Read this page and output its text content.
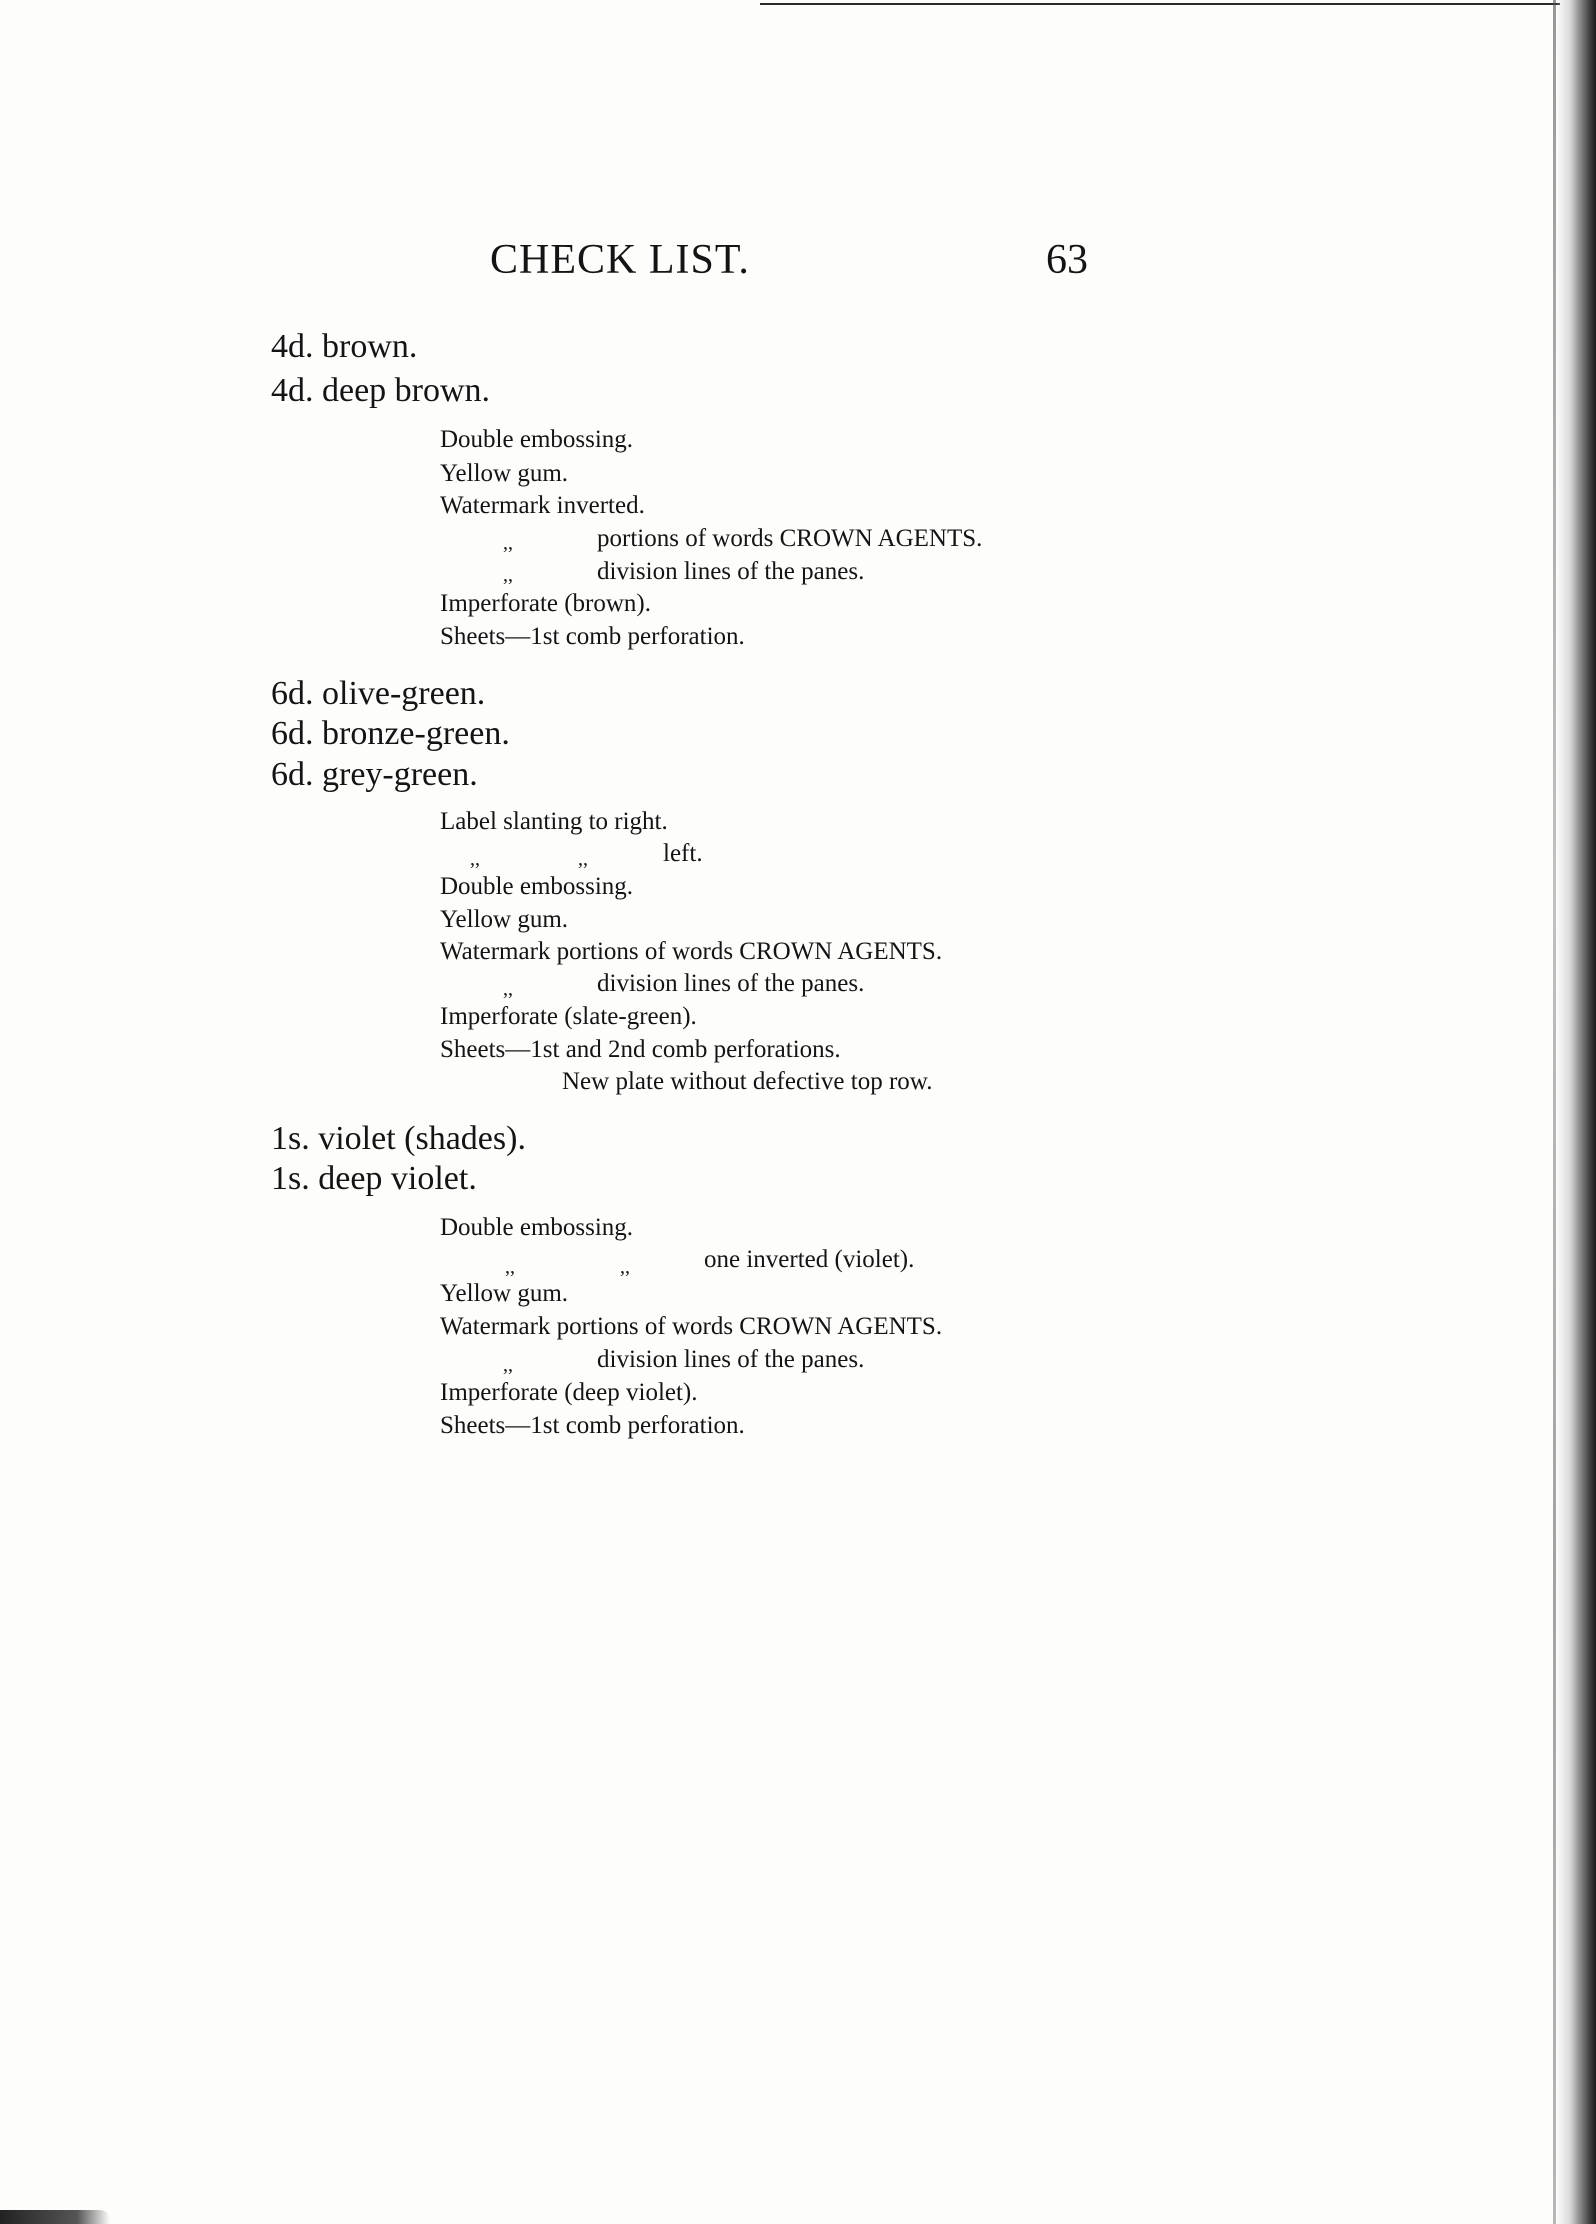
CHECK LIST.	63
4d. brown.
4d. deep brown.
Double embossing.
Yellow gum.
Watermark inverted.
,,	portions of words CROWN AGENTS.
,,	division lines of the panes.
Imperforate (brown).
Sheets—1st comb perforation.
6d. olive-green.
6d. bronze-green.
6d. grey-green.
Label slanting to right.
,,	,,	left.
Double embossing.
Yellow gum.
Watermark portions of words CROWN AGENTS.
,,	division lines of the panes.
Imperforate (slate-green).
Sheets—1st and 2nd comb perforations.
New plate without defective top row.
1s. violet (shades).
1s. deep violet.
Double embossing.
,,	,,	one inverted (violet).
Yellow gum.
Watermark portions of words CROWN AGENTS.
,,	division lines of the panes.
Imperforate (deep violet).
Sheets—1st comb perforation.
